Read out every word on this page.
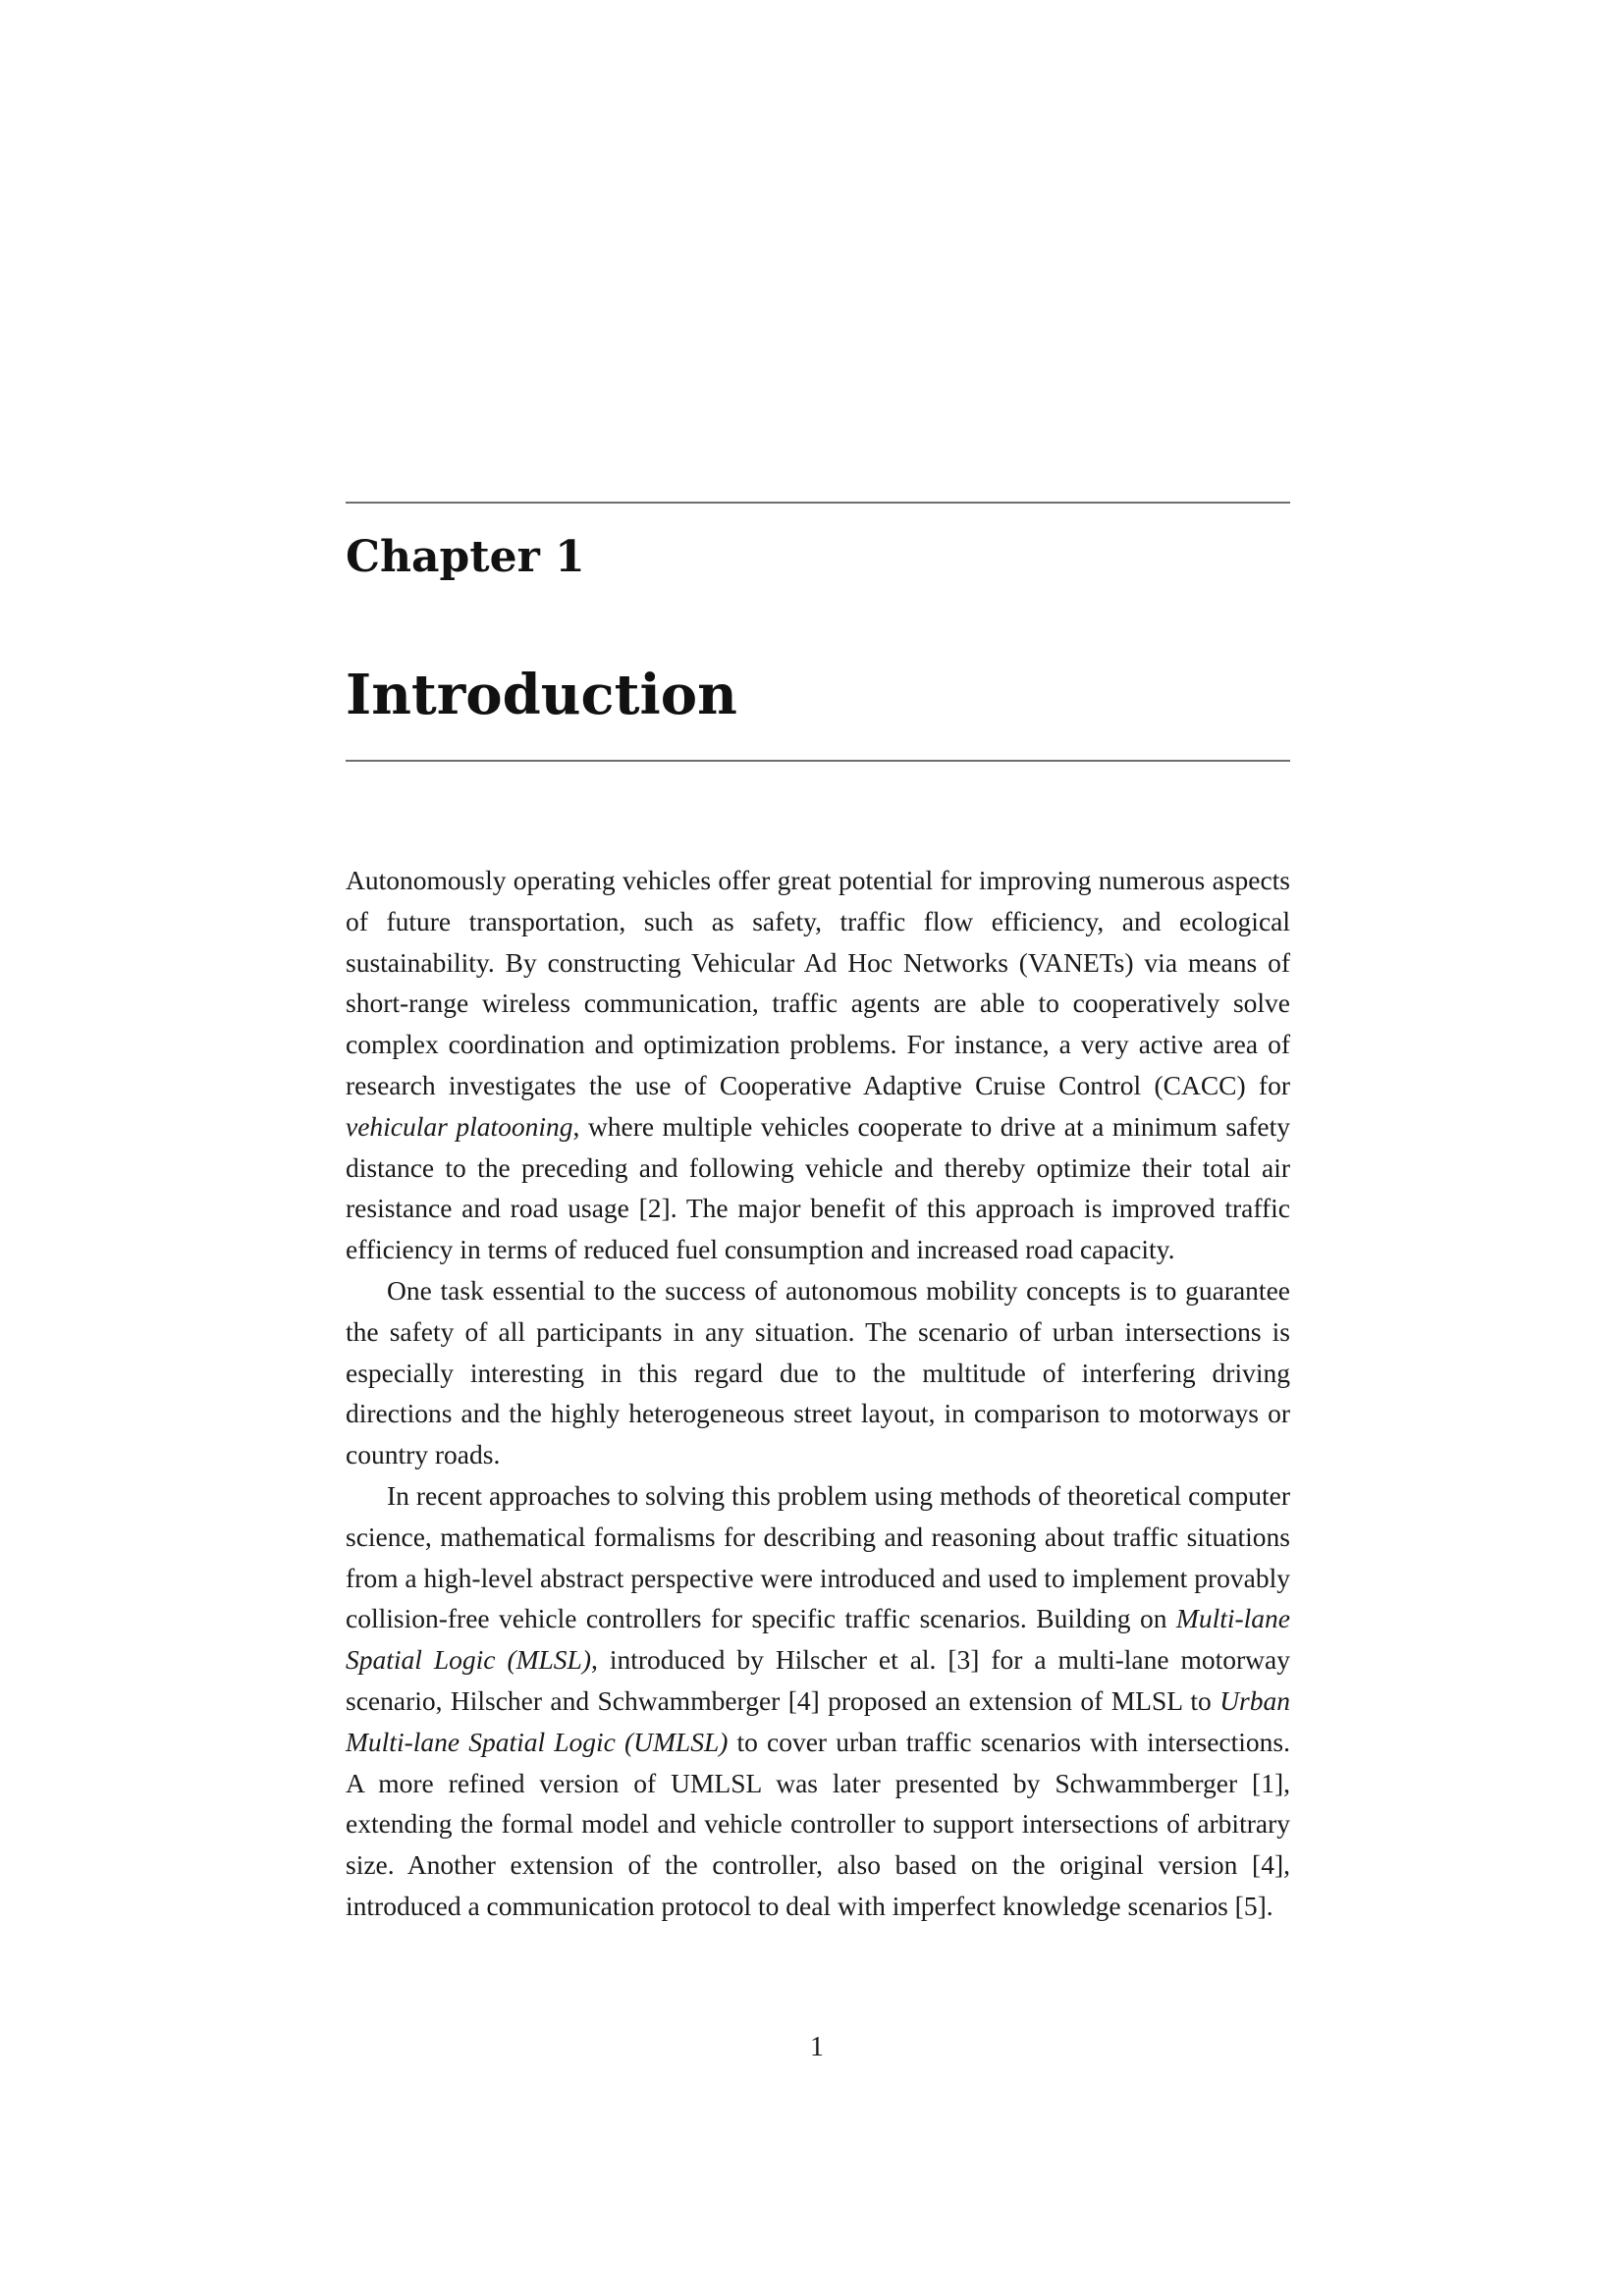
Chapter 1
Introduction

Autonomously operating vehicles offer great potential for improving numerous aspects of future transportation, such as safety, traffic flow efficiency, and ecological sustainability. By constructing Vehicular Ad Hoc Networks (VANETs) via means of short-range wireless communication, traffic agents are able to cooperatively solve complex coordination and optimization problems. For instance, a very active area of research investigates the use of Cooperative Adaptive Cruise Control (CACC) for vehicular platooning, where multiple vehicles cooperate to drive at a minimum safety distance to the preceding and following vehicle and thereby optimize their total air resistance and road usage [2]. The major benefit of this approach is improved traffic efficiency in terms of reduced fuel consumption and increased road capacity.

One task essential to the success of autonomous mobility concepts is to guarantee the safety of all participants in any situation. The scenario of urban intersections is especially interesting in this regard due to the multitude of interfering driving directions and the highly heterogeneous street layout, in comparison to motorways or country roads.

In recent approaches to solving this problem using methods of theoretical computer science, mathematical formalisms for describing and reasoning about traffic situations from a high-level abstract perspective were introduced and used to implement provably collision-free vehicle controllers for specific traffic scenarios. Building on Multi-lane Spatial Logic (MLSL), introduced by Hilscher et al. [3] for a multi-lane motorway scenario, Hilscher and Schwammberger [4] proposed an extension of MLSL to Urban Multi-lane Spatial Logic (UMLSL) to cover urban traffic scenarios with intersections. A more refined version of UMLSL was later presented by Schwammberger [1], extending the formal model and vehicle controller to support intersections of arbitrary size. Another extension of the controller, also based on the original version [4], introduced a communication protocol to deal with imperfect knowledge scenarios [5].

1
